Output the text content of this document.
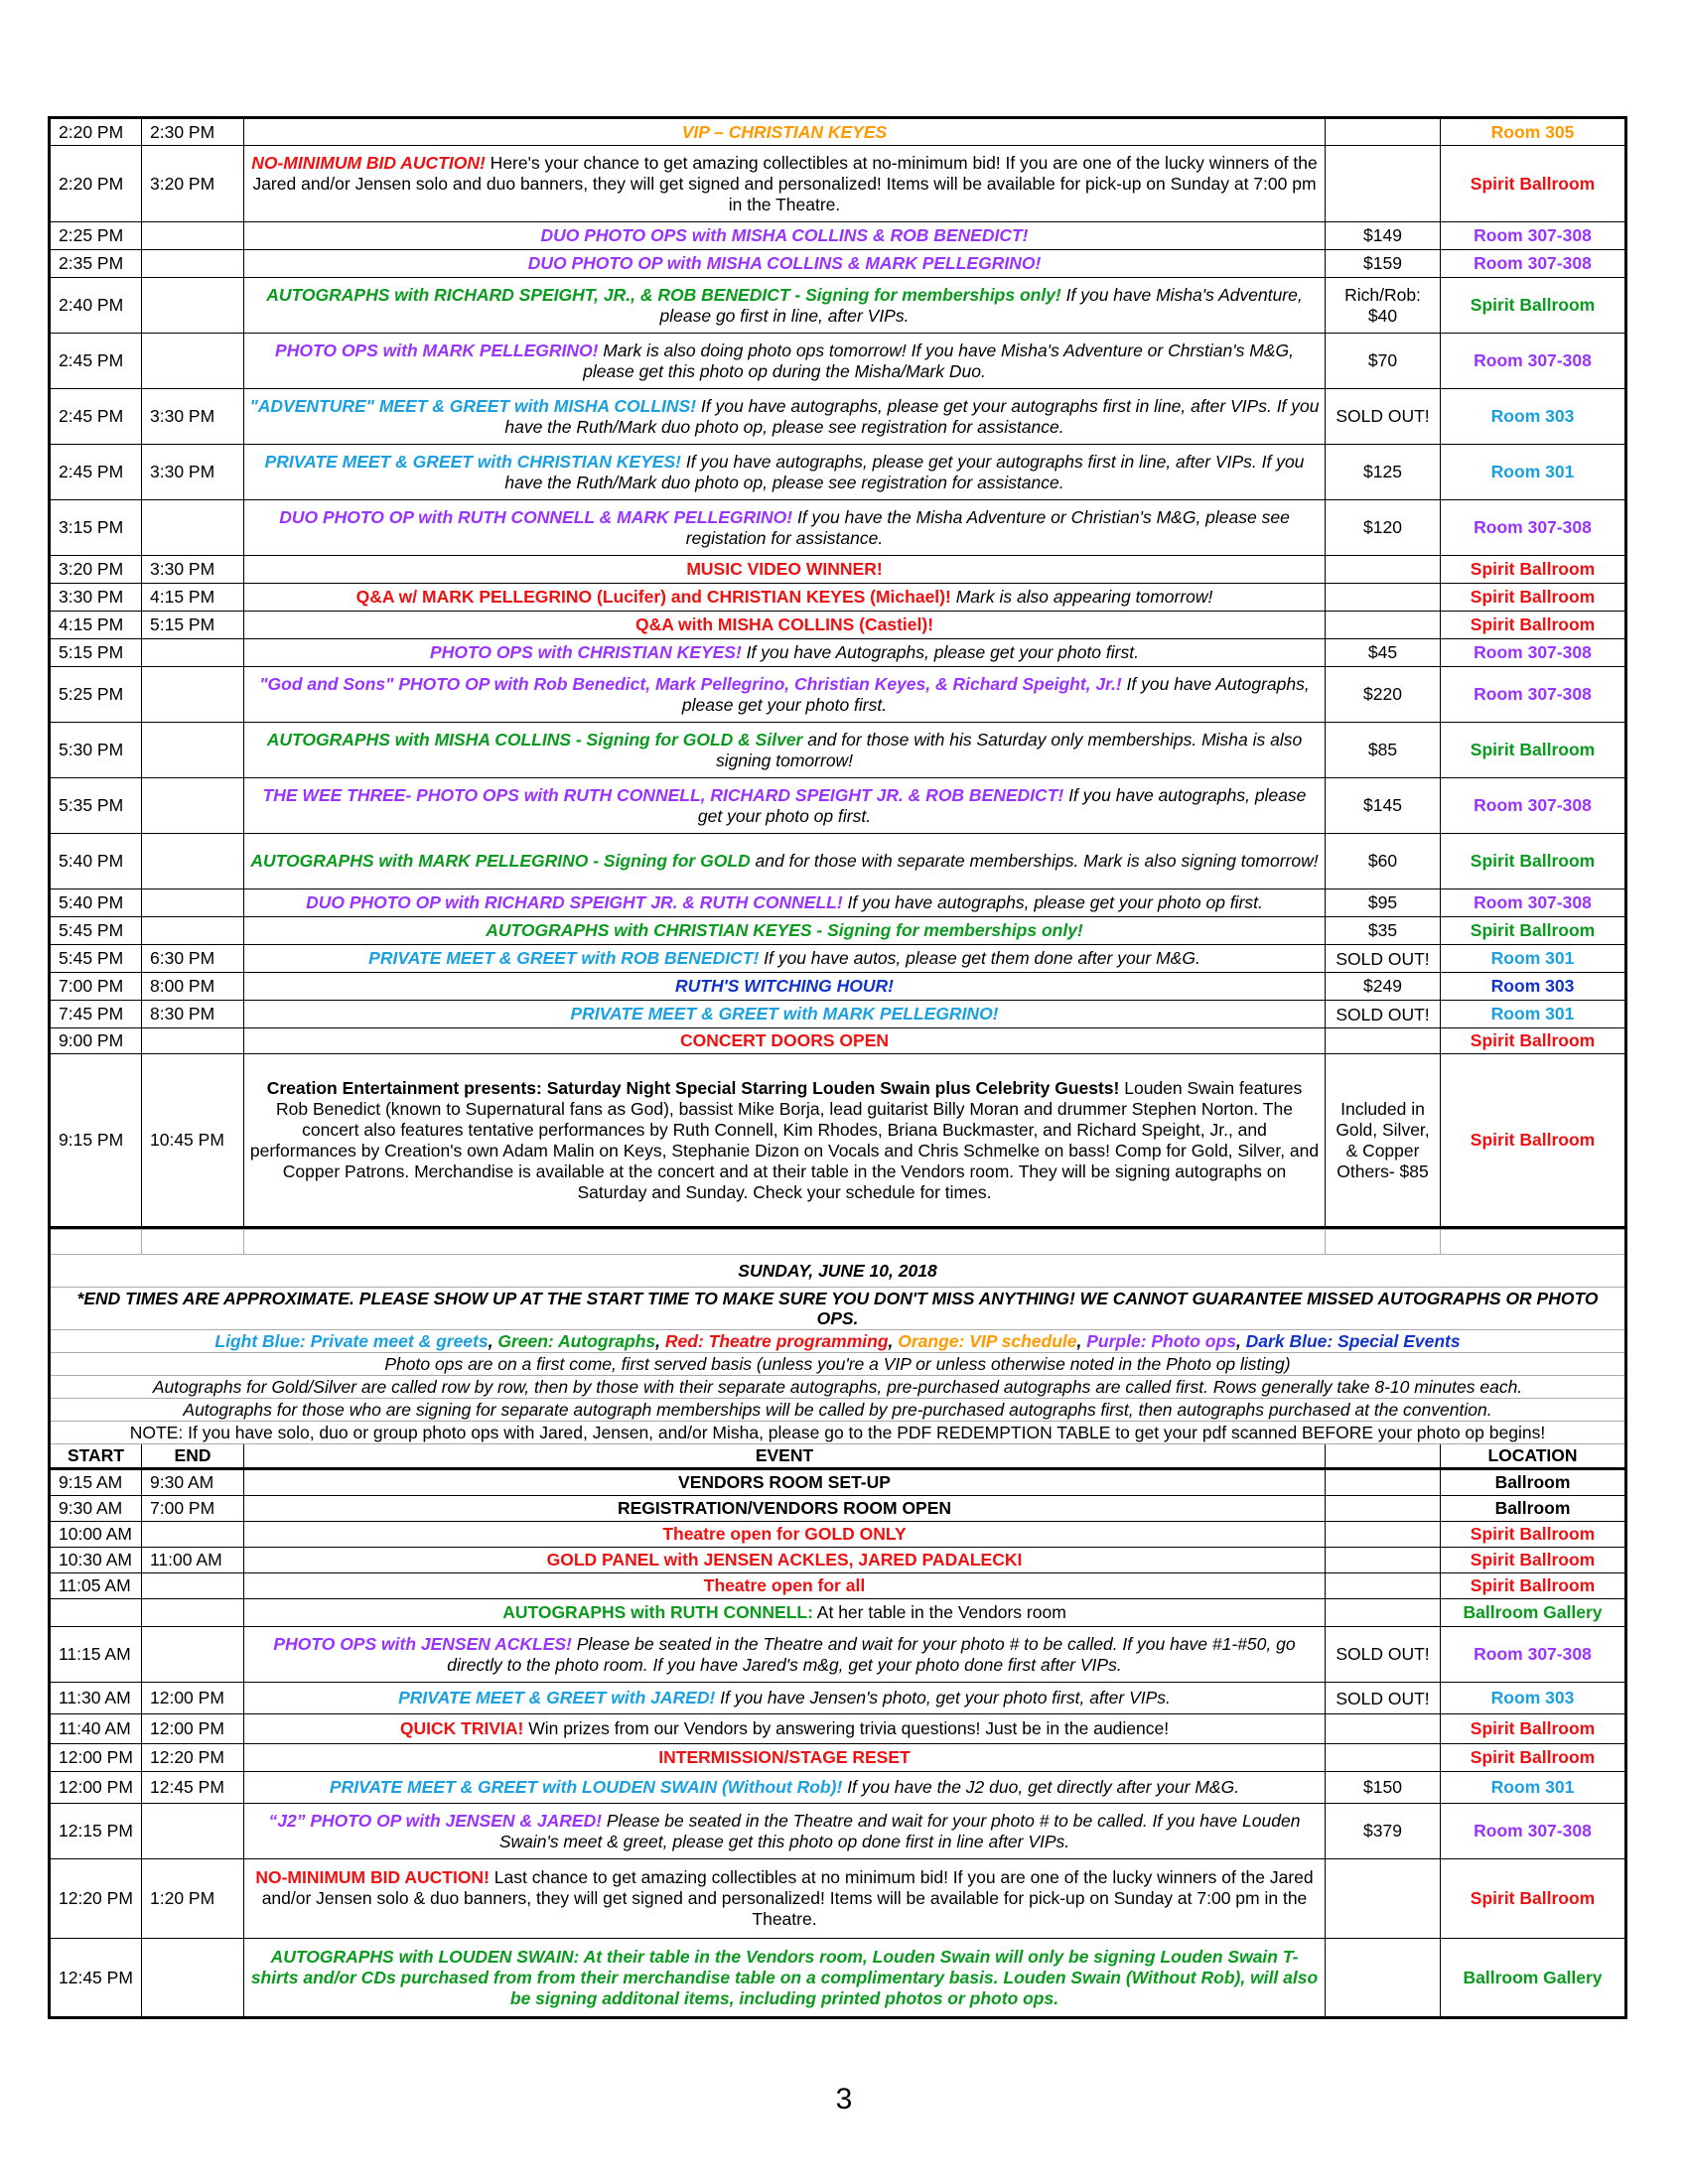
2:20 PM	2:30 PM	VIP – CHRISTIAN KEYES		Room 305
2:20 PM	3:20 PM	NO-MINIMUM BID AUCTION! Here's your chance to get amazing collectibles at no-minimum bid! If you are one of the lucky winners of the Jared and/or Jensen solo and duo banners, they will get signed and personalized! Items will be available for pick-up on Sunday at 7:00 pm in the Theatre.		Spirit Ballroom
2:25 PM		DUO PHOTO OPS with MISHA COLLINS & ROB BENEDICT!	$149	Room 307-308
2:35 PM		DUO PHOTO OP with MISHA COLLINS & MARK PELLEGRINO!	$159	Room 307-308
2:40 PM		AUTOGRAPHS with RICHARD SPEIGHT, JR., & ROB BENEDICT - Signing for memberships only! If you have Misha's Adventure, please go first in line, after VIPs.	Rich/Rob: $40	Spirit Ballroom
2:45 PM		PHOTO OPS with MARK PELLEGRINO! Mark is also doing photo ops tomorrow! If you have Misha's Adventure or Chrstian's M&G, please get this photo op during the Misha/Mark Duo.	$70	Room 307-308
2:45 PM	3:30 PM	"ADVENTURE" MEET & GREET with MISHA COLLINS! If you have autographs, please get your autographs first in line, after VIPs. If you have the Ruth/Mark duo photo op, please see registration for assistance.	SOLD OUT!	Room 303
2:45 PM	3:30 PM	PRIVATE MEET & GREET with CHRISTIAN KEYES! If you have autographs, please get your autographs first in line, after VIPs. If you have the Ruth/Mark duo photo op, please see registration for assistance.	$125	Room 301
3:15 PM		DUO PHOTO OP with RUTH CONNELL & MARK PELLEGRINO! If you have the Misha Adventure or Christian's M&G, please see registation for assistance.	$120	Room 307-308
3:20 PM	3:30 PM	MUSIC VIDEO WINNER!		Spirit Ballroom
3:30 PM	4:15 PM	Q&A w/ MARK PELLEGRINO (Lucifer) and CHRISTIAN KEYES (Michael)! Mark is also appearing tomorrow!		Spirit Ballroom
4:15 PM	5:15 PM	Q&A with MISHA COLLINS (Castiel)!		Spirit Ballroom
5:15 PM		PHOTO OPS with CHRISTIAN KEYES! If you have Autographs, please get your photo first.	$45	Room 307-308
5:25 PM		"God and Sons" PHOTO OP with Rob Benedict, Mark Pellegrino, Christian Keyes, & Richard Speight, Jr.! If you have Autographs, please get your photo first.	$220	Room 307-308
5:30 PM		AUTOGRAPHS with MISHA COLLINS - Signing for GOLD & Silver and for those with his Saturday only memberships. Misha is also signing tomorrow!	$85	Spirit Ballroom
5:35 PM		THE WEE THREE- PHOTO OPS with RUTH CONNELL, RICHARD SPEIGHT JR. & ROB BENEDICT! If you have autographs, please get your photo op first.	$145	Room 307-308
5:40 PM		AUTOGRAPHS with MARK PELLEGRINO - Signing for GOLD and for those with separate memberships. Mark is also signing tomorrow!	$60	Spirit Ballroom
5:40 PM		DUO PHOTO OP with RICHARD SPEIGHT JR. & RUTH CONNELL! If you have autographs, please get your photo op first.	$95	Room 307-308
5:45 PM		AUTOGRAPHS with CHRISTIAN KEYES - Signing for memberships only!	$35	Spirit Ballroom
5:45 PM	6:30 PM	PRIVATE MEET & GREET with ROB BENEDICT! If you have autos, please get them done after your M&G.	SOLD OUT!	Room 301
7:00 PM	8:00 PM	RUTH'S WITCHING HOUR!	$249	Room 303
7:45 PM	8:30 PM	PRIVATE MEET & GREET with MARK PELLEGRINO!	SOLD OUT!	Room 301
9:00 PM		CONCERT DOORS OPEN		Spirit Ballroom
9:15 PM	10:45 PM	Creation Entertainment presents: Saturday Night Special Starring Louden Swain plus Celebrity Guests! Louden Swain features Rob Benedict (known to Supernatural fans as God), bassist Mike Borja, lead guitarist Billy Moran and drummer Stephen Norton. The concert also features tentative performances by Ruth Connell, Kim Rhodes, Briana Buckmaster, and Richard Speight, Jr., and performances by Creation's own Adam Malin on Keys, Stephanie Dizon on Vocals and Chris Schmelke on bass! Comp for Gold, Silver, and Copper Patrons. Merchandise is available at the concert and at their table in the Vendors room. They will be signing autographs on Saturday and Sunday. Check your schedule for times.	Included in Gold, Silver, & Copper Others- $85	Spirit Ballroom

SUNDAY, JUNE 10, 2018				
*END TIMES ARE APPROXIMATE. PLEASE SHOW UP AT THE START TIME TO MAKE SURE YOU DON'T MISS ANYTHING! WE CANNOT GUARANTEE MISSED AUTOGRAPHS OR PHOTO OPS.				
Light Blue: Private meet & greets, Green: Autographs, Red: Theatre programming, Orange: VIP schedule, Purple: Photo ops, Dark Blue: Special Events				
Photo ops are on a first come, first served basis (unless you're a VIP or unless otherwise noted in the Photo op listing)				
Autographs for Gold/Silver are called row by row, then by those with their separate autographs, pre-purchased autographs are called first. Rows generally take 8-10 minutes each.				
Autographs for those who are signing for separate autograph memberships will be called by pre-purchased autographs first, then autographs purchased at the convention.				
NOTE: If you have solo, duo or group photo ops with Jared, Jensen, and/or Misha, please go to the PDF REDEMPTION TABLE to get your pdf scanned BEFORE your photo op begins!				
START	END	EVENT		LOCATION
9:15 AM	9:30 AM	VENDORS ROOM SET-UP		Ballroom
9:30 AM	7:00 PM	REGISTRATION/VENDORS ROOM OPEN		Ballroom
10:00 AM		Theatre open for GOLD ONLY		Spirit Ballroom
10:30 AM	11:00 AM	GOLD PANEL with JENSEN ACKLES, JARED PADALECKI		Spirit Ballroom
11:05 AM		Theatre open for all		Spirit Ballroom
		AUTOGRAPHS with RUTH CONNELL: At her table in the Vendors room		Ballroom Gallery
11:15 AM		PHOTO OPS with JENSEN ACKLES! Please be seated in the Theatre and wait for your photo # to be called. If you have #1-#50, go directly to the photo room. If you have Jared's m&g, get your photo done first after VIPs.	SOLD OUT!	Room 307-308
11:30 AM	12:00 PM	PRIVATE MEET & GREET with JARED! If you have Jensen's photo, get your photo first, after VIPs.	SOLD OUT!	Room 303
11:40 AM	12:00 PM	QUICK TRIVIA! Win prizes from our Vendors by answering trivia questions! Just be in the audience!		Spirit Ballroom
12:00 PM	12:20 PM	INTERMISSION/STAGE RESET		Spirit Ballroom
12:00 PM	12:45 PM	PRIVATE MEET & GREET with LOUDEN SWAIN (Without Rob)! If you have the J2 duo, get directly after your M&G.	$150	Room 301
12:15 PM		“J2” PHOTO OP with JENSEN & JARED! Please be seated in the Theatre and wait for your photo # to be called. If you have Louden Swain's meet & greet, please get this photo op done first in line after VIPs.	$379	Room 307-308
12:20 PM	1:20 PM	NO-MINIMUM BID AUCTION! Last chance to get amazing collectibles at no minimum bid! If you are one of the lucky winners of the Jared and/or Jensen solo & duo banners, they will get signed and personalized! Items will be available for pick-up on Sunday at 7:00 pm in the Theatre.		Spirit Ballroom
12:45 PM		AUTOGRAPHS with LOUDEN SWAIN: At their table in the Vendors room, Louden Swain will only be signing Louden Swain T-shirts and/or CDs purchased from from their merchandise table on a complimentary basis. Louden Swain (Without Rob), will also be signing additonal items, including printed photos or photo ops.		Ballroom Gallery
3
